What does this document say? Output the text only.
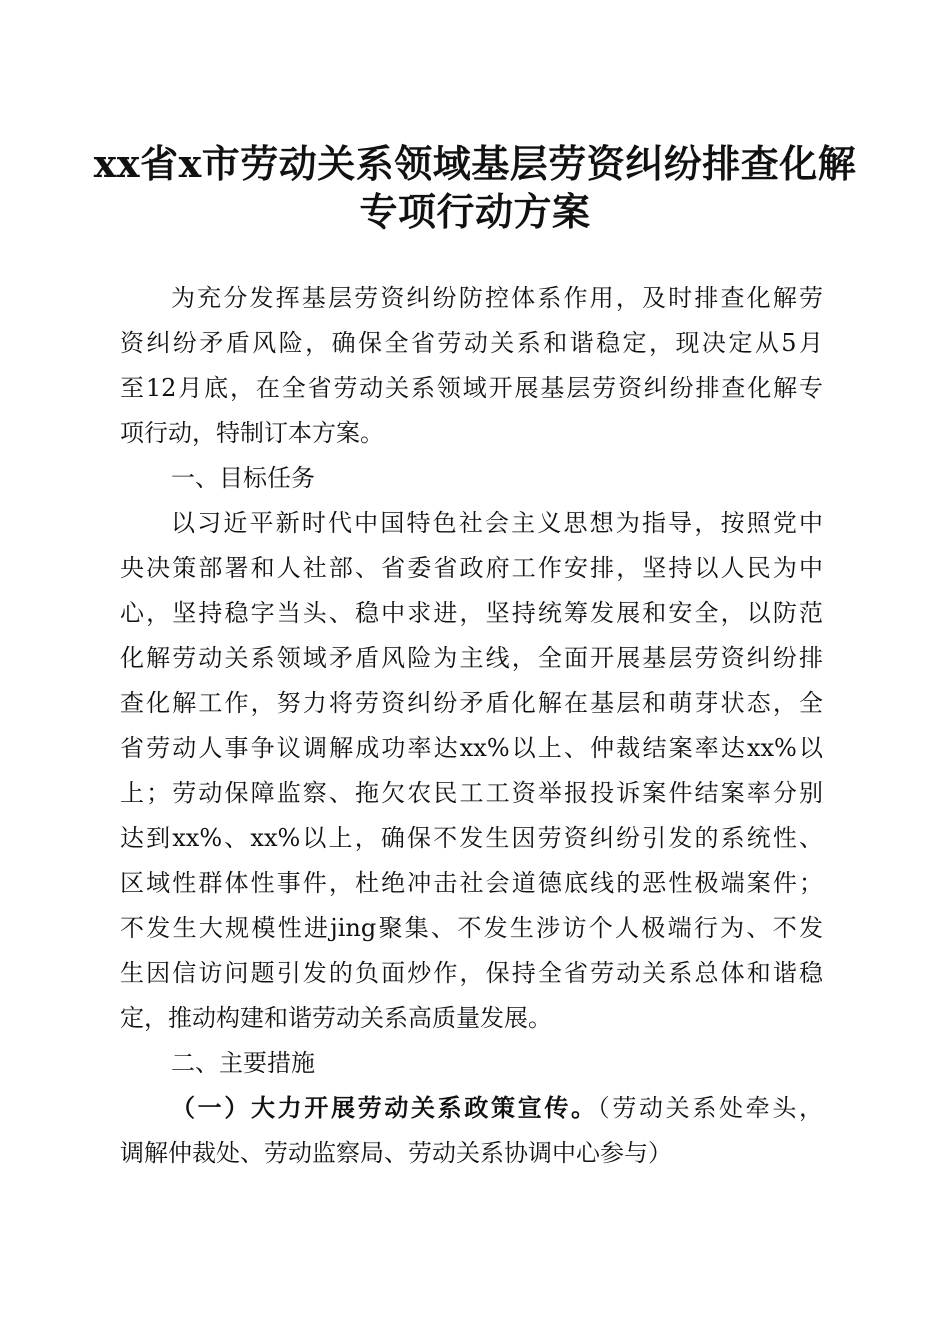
xx省x市劳动关系领域基层劳资纠纷排查化解
专项行动方案
为充分发挥基层劳资纠纷防控体系作用，及时排查化解劳
资纠纷矛盾风险，确保全省劳动关系和谐稳定，现决定从5月
至12月底，在全省劳动关系领域开展基层劳资纠纷排查化解专
项行动，特制订本方案。
一、目标任务
以习近平新时代中国特色社会主义思想为指导，按照党中
央决策部署和人社部、省委省政府工作安排，坚持以人民为中
心，坚持稳字当头、稳中求进，坚持统筹发展和安全，以防范
化解劳动关系领域矛盾风险为主线，全面开展基层劳资纠纷排
查化解工作，努力将劳资纠纷矛盾化解在基层和萌芽状态，全
省劳动人事争议调解成功率达xx%以上、仲裁结案率达xx%以
上；劳动保障监察、拖欠农民工工资举报投诉案件结案率分别
达到xx%、xx%以上，确保不发生因劳资纠纷引发的系统性、
区域性群体性事件，杜绝冲击社会道德底线的恶性极端案件；
不发生大规模性进jing聚集、不发生涉访个人极端行为、不发
生因信访问题引发的负面炒作，保持全省劳动关系总体和谐稳
定，推动构建和谐劳动关系高质量发展。
二、主要措施
（一）大力开展劳动关系政策宣传。（劳动关系处牵头，
调解仲裁处、劳动监察局、劳动关系协调中心参与）
